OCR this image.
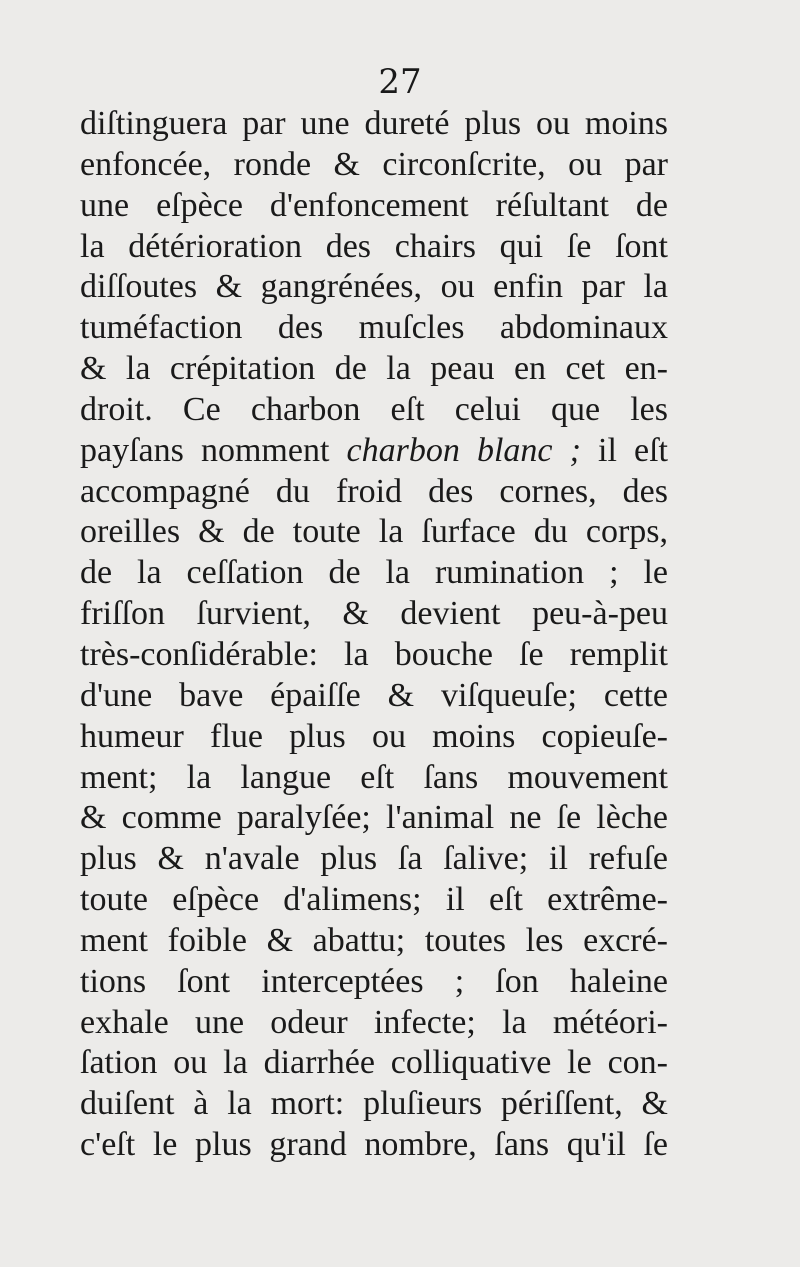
27
diſtinguera par une dureté plus ou moins
enfoncée, ronde & circonſcrite, ou par
une eſpèce d'enfoncement réſultant de
la détérioration des chairs qui ſe ſont
diſſoutes & gangrénées, ou enfin par la
tuméfaction des muſcles abdominaux
& la crépitation de la peau en cet en-
droit. Ce charbon eſt celui que les
payſans nomment charbon blanc ; il eſt
accompagné du froid des cornes, des
oreilles & de toute la ſurface du corps,
de la ceſſation de la rumination ; le
friſſon ſurvient, & devient peu-à-peu
très-conſidérable: la bouche ſe remplit
d'une bave épaiſſe & viſqueuſe; cette
humeur flue plus ou moins copieuſe-
ment; la langue eſt ſans mouvement
& comme paralyſée; l'animal ne ſe lèche
plus & n'avale plus ſa ſalive; il refuſe
toute eſpèce d'alimens; il eſt extrême-
ment foible & abattu; toutes les excré-
tions ſont interceptées ; ſon haleine
exhale une odeur infecte; la météori-
ſation ou la diarrhée colliquative le con-
duiſent à la mort: pluſieurs périſſent, &
c'eſt le plus grand nombre, ſans qu'il ſe
